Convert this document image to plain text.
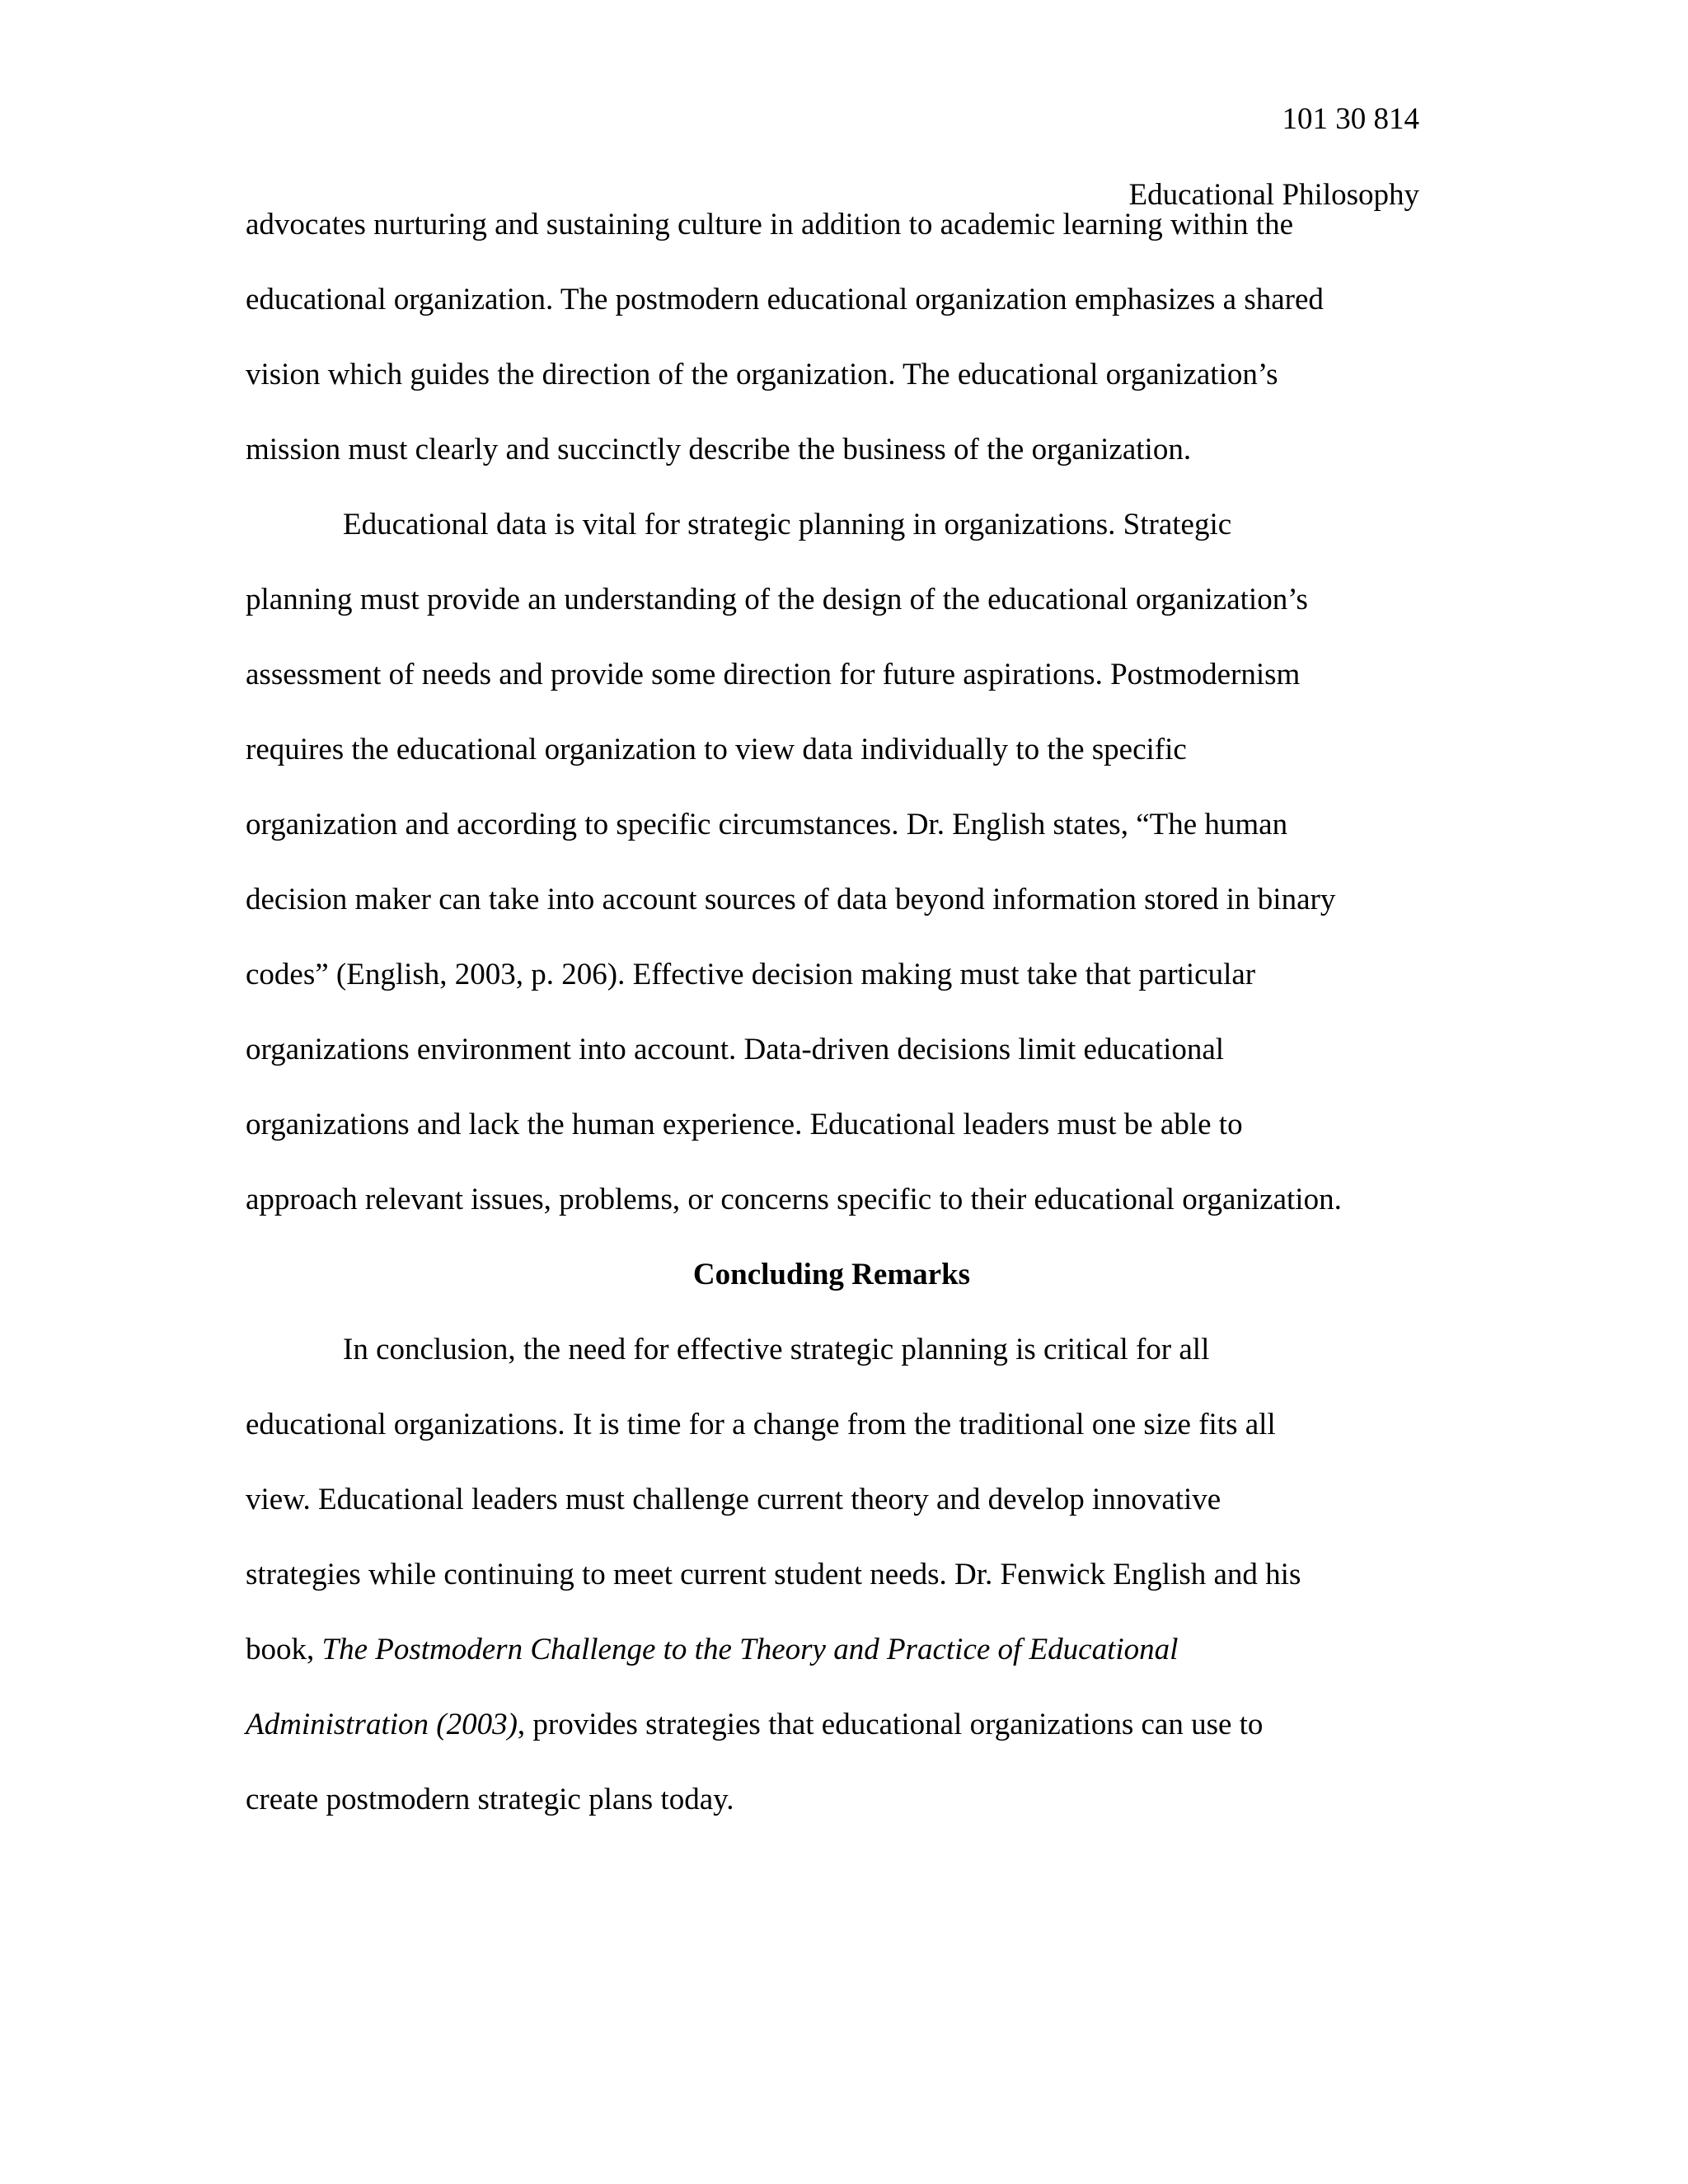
101 30 814
Educational Philosophy
advocates nurturing and sustaining culture in addition to academic learning within the
educational organization. The postmodern educational organization emphasizes a shared
vision which guides the direction of the organization. The educational organization’s
mission must clearly and succinctly describe the business of the organization.
Educational data is vital for strategic planning in organizations. Strategic
planning must provide an understanding of the design of the educational organization’s
assessment of needs and provide some direction for future aspirations. Postmodernism
requires the educational organization to view data individually to the specific
organization and according to specific circumstances. Dr. English states, “The human
decision maker can take into account sources of data beyond information stored in binary
codes” (English, 2003, p. 206). Effective decision making must take that particular
organizations environment into account. Data-driven decisions limit educational
organizations and lack the human experience. Educational leaders must be able to
approach relevant issues, problems, or concerns specific to their educational organization.
Concluding Remarks
In conclusion, the need for effective strategic planning is critical for all
educational organizations. It is time for a change from the traditional one size fits all
view. Educational leaders must challenge current theory and develop innovative
strategies while continuing to meet current student needs. Dr. Fenwick English and his
book, The Postmodern Challenge to the Theory and Practice of Educational
Administration (2003), provides strategies that educational organizations can use to
create postmodern strategic plans today.
